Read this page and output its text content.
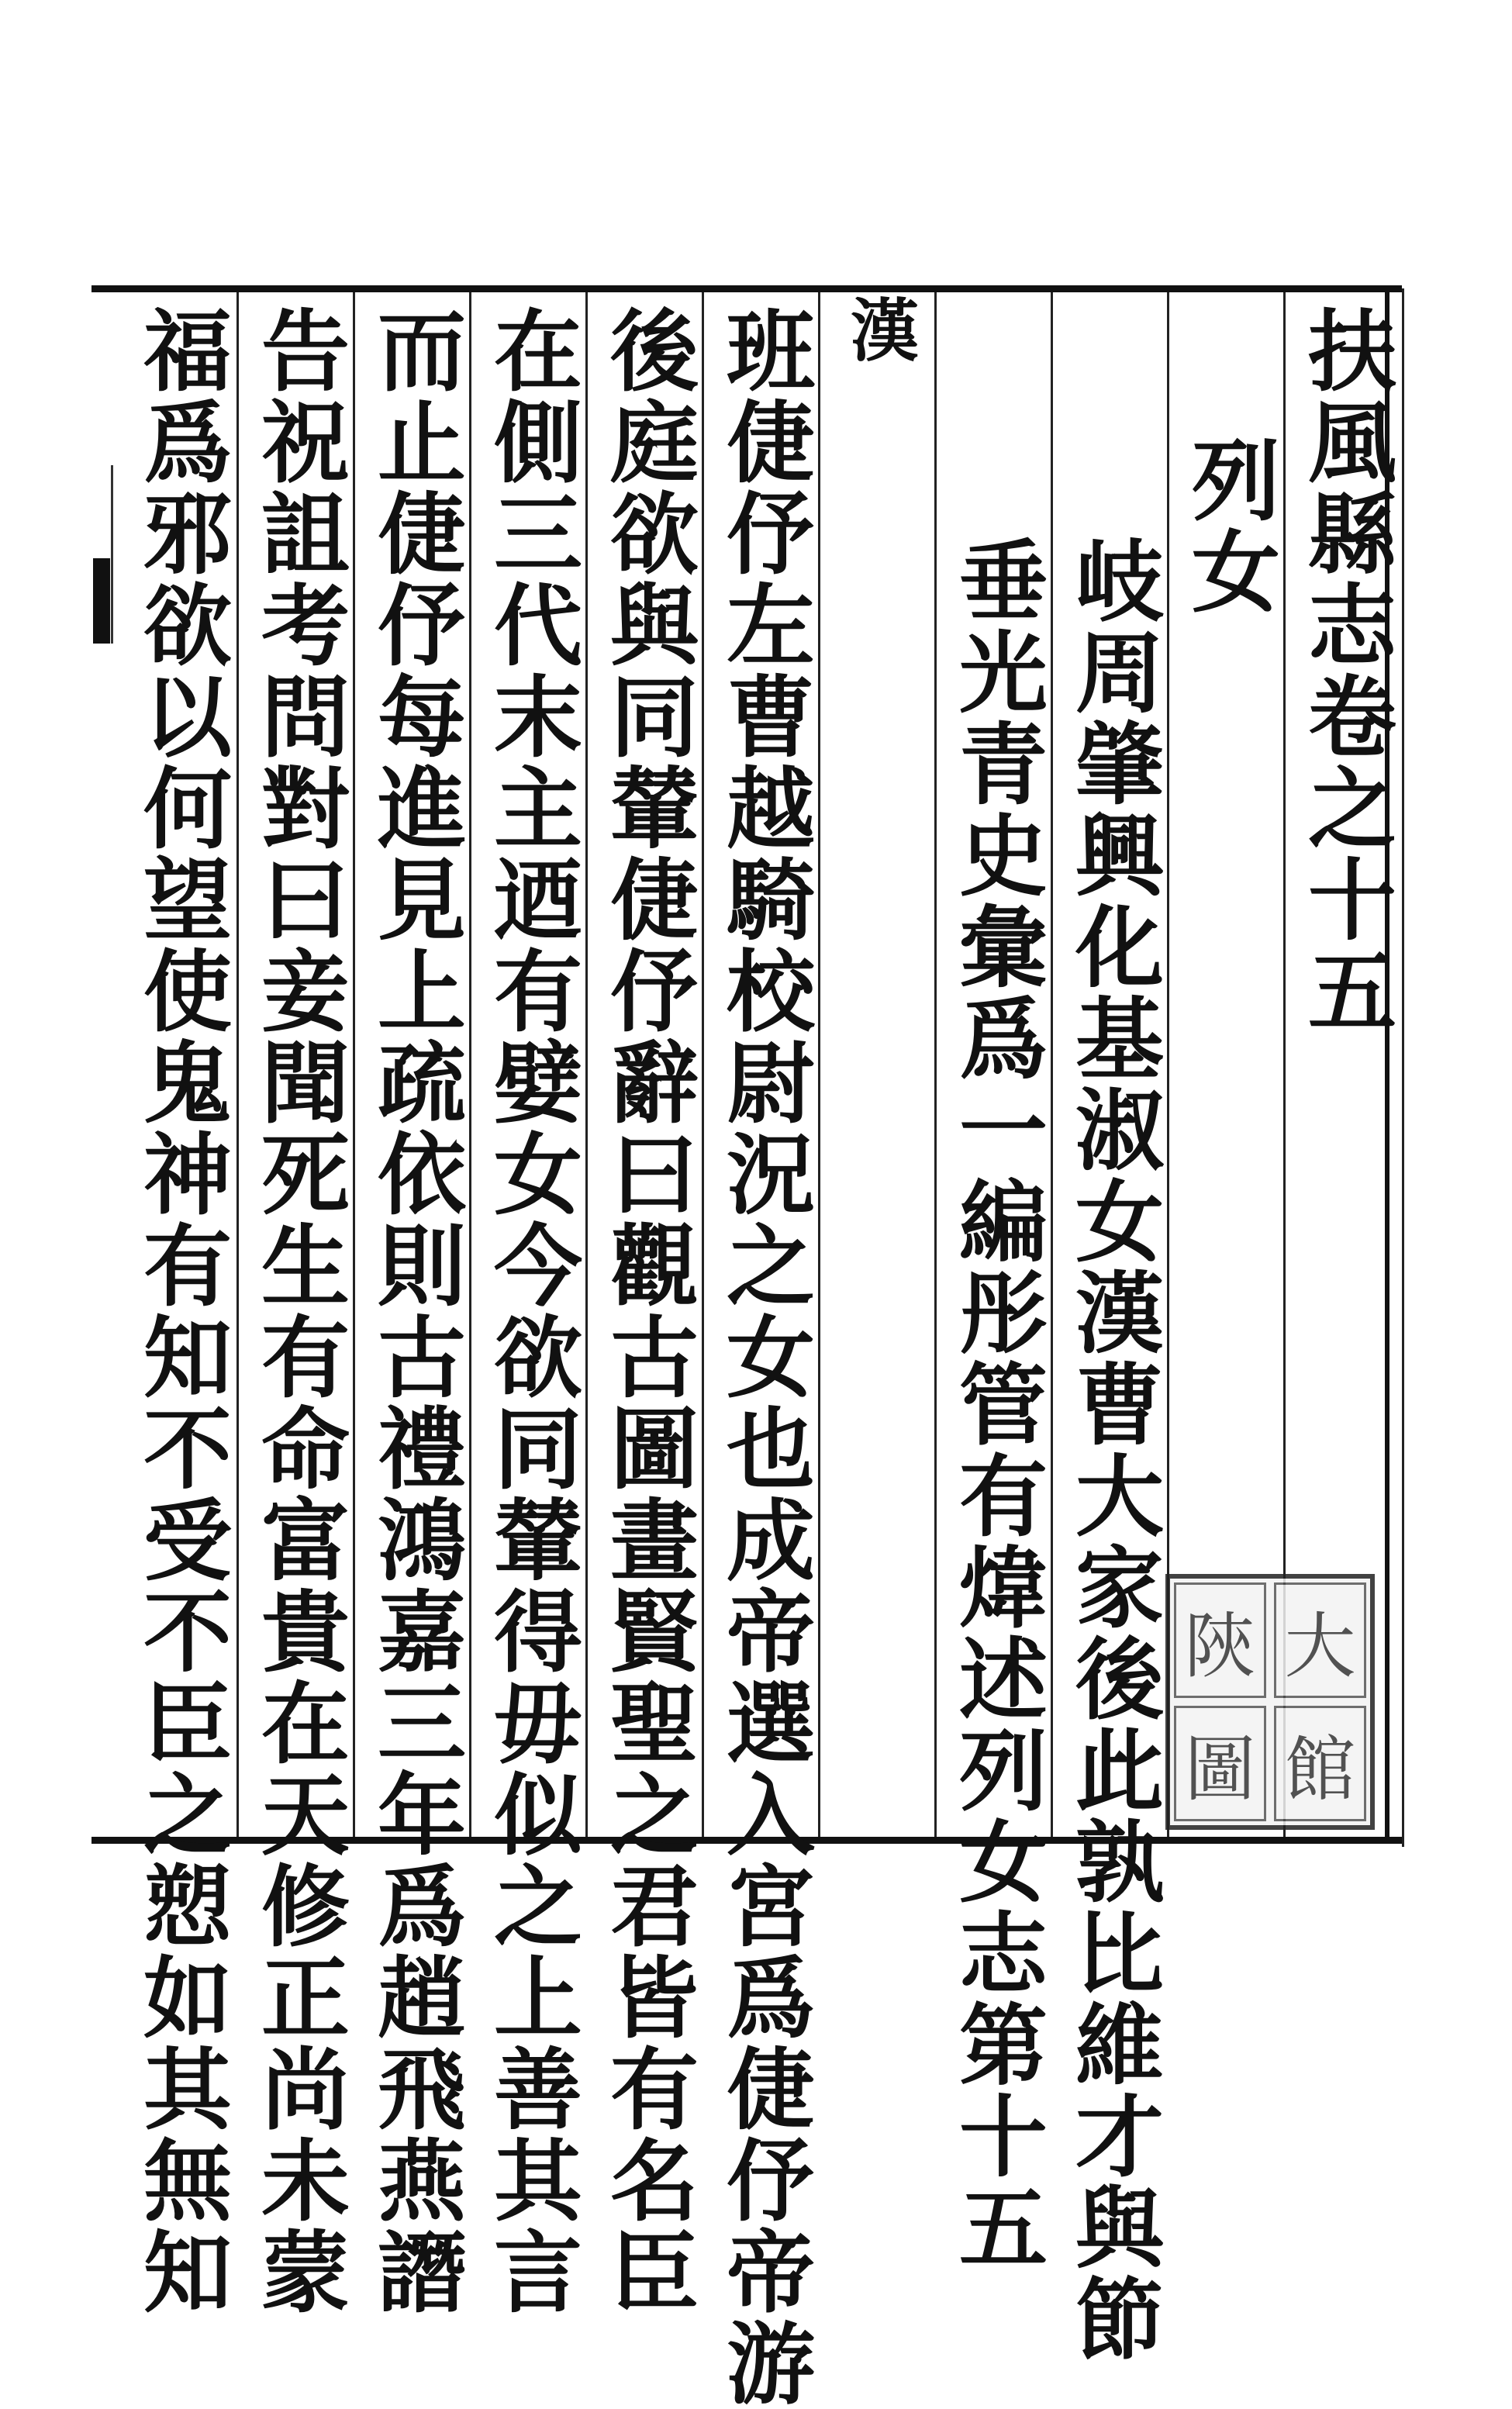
扶風縣志卷之十五
列女
岐周肇興化基淑女漢曹大家後此孰比維才與節
垂光青史彙爲一編彤管有煒述列女志第十五
漢
班倢伃左曹越騎校尉況之女也成帝選入宮爲倢伃帝游
後庭欲與同輦倢伃辭曰觀古圖畫賢聖之君皆有名臣
在側三代末主迺有嬖女今欲同輦得毋似之上善其言
而止倢伃每進見上疏依則古禮鴻嘉三年爲趙飛燕譖
告祝詛考問對曰妾聞死生有命富貴在天修正尚未蒙
福爲邪欲以何望使鬼神有知不受不臣之愬如其無知	陝 大
圖 館
